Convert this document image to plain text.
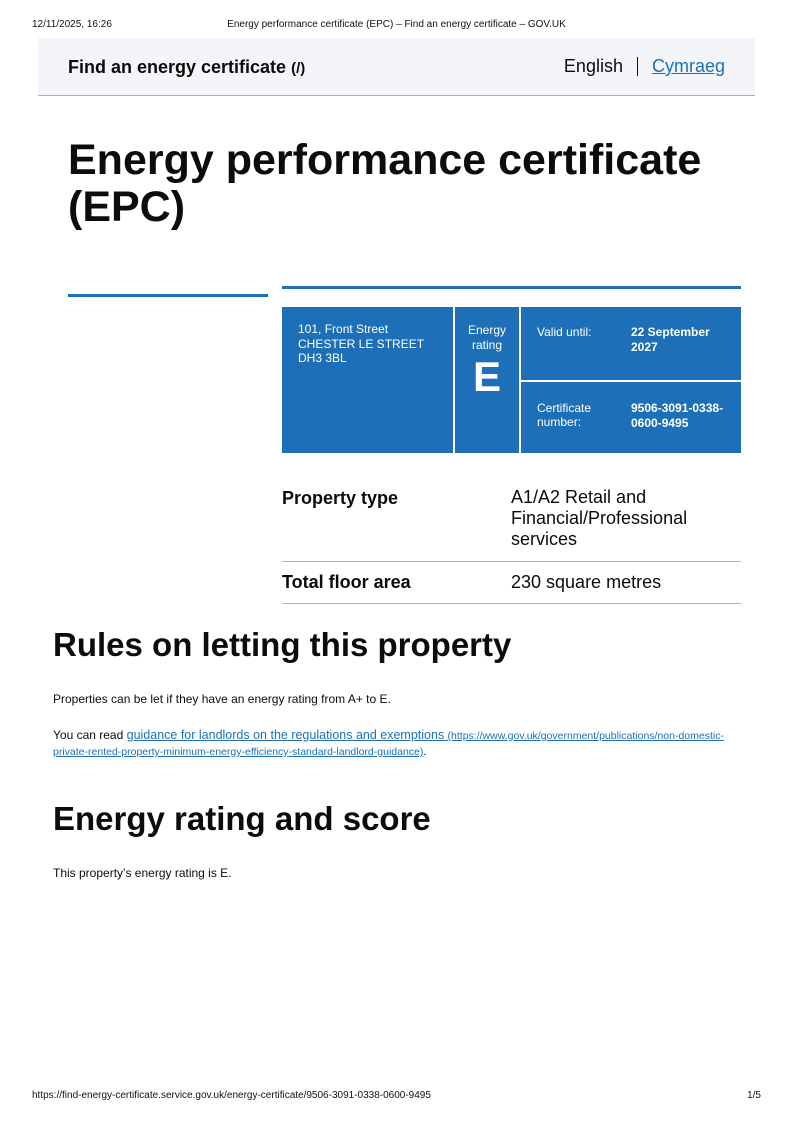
12/11/2025, 16:26	Energy performance certificate (EPC) – Find an energy certificate – GOV.UK
Find an energy certificate (/)	English Cymraeg
Energy performance certificate (EPC)
101, Front Street
CHESTER LE STREET
DH3 3BL
Energy
rating
E
Valid until:	22 September 2027
Certificate number:
9506-3091-0338-0600-9495
Property type	A1/A2 Retail and Financial/Professional services
Total floor area	230 square metres
Rules on letting this property

Properties can be let if they have an energy rating from A+ to E.

You can read guidance for landlords on the regulations and exemptions (https://www.gov.uk/government/publications/non-domestic-private-rented-property-minimum-energy-efficiency-standard-landlord-guidance).

Energy rating and score

This property’s energy rating is E.

https://find-energy-certificate.service.gov.uk/energy-certificate/9506-3091-0338-0600-9495	1/5
